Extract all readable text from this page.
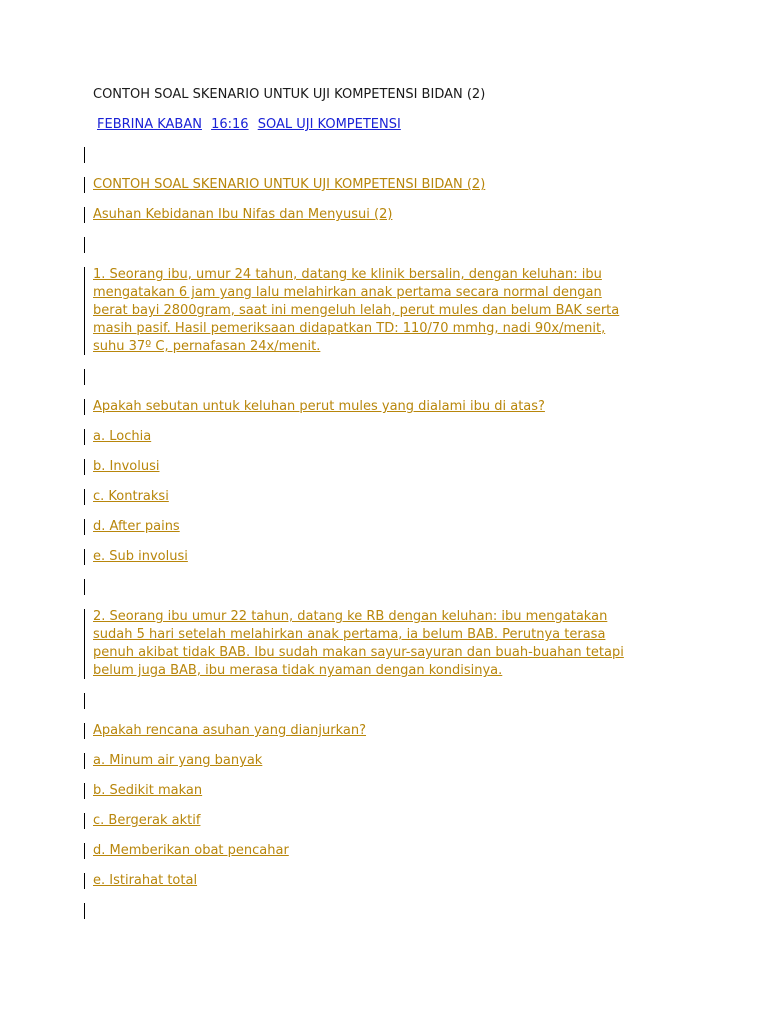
CONTOH SOAL SKENARIO UNTUK UJI KOMPETENSI BIDAN (2)
FEBRINA KABAN 16:16 SOAL UJI KOMPETENSI
CONTOH SOAL SKENARIO UNTUK UJI KOMPETENSI BIDAN (2)
Asuhan Kebidanan Ibu Nifas dan Menyusui (2)
1. Seorang ibu, umur 24 tahun, datang ke klinik bersalin, dengan keluhan: ibu
mengatakan 6 jam yang lalu melahirkan anak pertama secara normal dengan
berat bayi 2800gram, saat ini mengeluh lelah, perut mules dan belum BAK serta
masih pasif. Hasil pemeriksaan didapatkan TD: 110/70 mmhg, nadi 90x/menit,
suhu 37º C, pernafasan 24x/menit.
Apakah sebutan untuk keluhan perut mules yang dialami ibu di atas?
a. Lochia
b. Involusi
c. Kontraksi
d. After pains
e. Sub involusi
2. Seorang ibu umur 22 tahun, datang ke RB dengan keluhan: ibu mengatakan
sudah 5 hari setelah melahirkan anak pertama, ia belum BAB. Perutnya terasa
penuh akibat tidak BAB. Ibu sudah makan sayur-sayuran dan buah-buahan tetapi
belum juga BAB, ibu merasa tidak nyaman dengan kondisinya.
Apakah rencana asuhan yang dianjurkan?
a. Minum air yang banyak
b. Sedikit makan
c. Bergerak aktif
d. Memberikan obat pencahar
e. Istirahat total
